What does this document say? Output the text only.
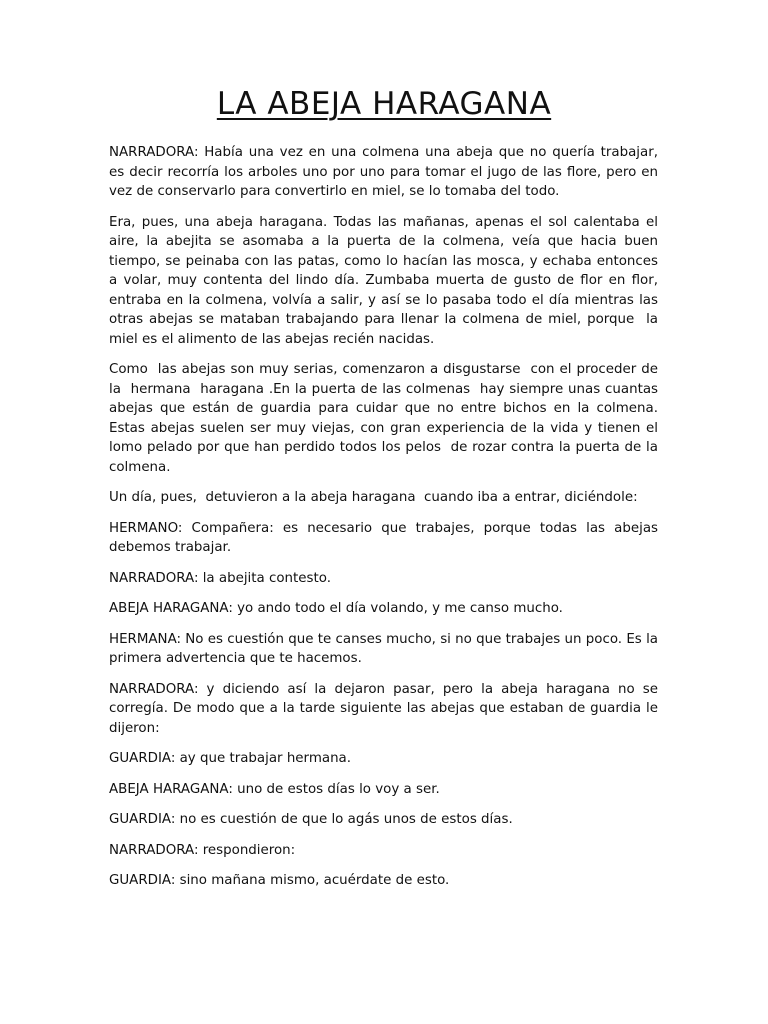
LA ABEJA HARAGANA

NARRADORA: Había una vez en una colmena una abeja que no quería trabajar, es decir recorría los arboles uno por uno para tomar el jugo de las flore, pero en vez de conservarlo para convertirlo en miel, se lo tomaba del todo.

Era, pues, una abeja haragana. Todas las mañanas, apenas el sol calentaba el aire, la abejita se asomaba a la puerta de la colmena, veía que hacia buen tiempo, se peinaba con las patas, como lo hacían las mosca, y echaba entonces a volar, muy contenta del lindo día. Zumbaba muerta de gusto de flor en flor, entraba en la colmena, volvía a salir, y así se lo pasaba todo el día mientras las otras abejas se mataban trabajando para llenar la colmena de miel, porque  la miel es el alimento de las abejas recién nacidas.

Como  las abejas son muy serias, comenzaron a disgustarse  con el proceder de la  hermana  haragana .En la puerta de las colmenas  hay siempre unas cuantas abejas que están de guardia para cuidar que no entre bichos en la colmena. Estas abejas suelen ser muy viejas, con gran experiencia de la vida y tienen el lomo pelado por que han perdido todos los pelos  de rozar contra la puerta de la colmena.

Un día, pues,  detuvieron a la abeja haragana  cuando iba a entrar, diciéndole:

HERMANO: Compañera: es necesario que trabajes, porque todas las abejas debemos trabajar.

NARRADORA: la abejita contesto.

ABEJA HARAGANA: yo ando todo el día volando, y me canso mucho.

HERMANA: No es cuestión que te canses mucho, si no que trabajes un poco. Es la primera advertencia que te hacemos.

NARRADORA: y diciendo así la dejaron pasar, pero la abeja haragana no se corregía. De modo que a la tarde siguiente las abejas que estaban de guardia le dijeron:

GUARDIA: ay que trabajar hermana.

ABEJA HARAGANA: uno de estos días lo voy a ser.

GUARDIA: no es cuestión de que lo agás unos de estos días.

NARRADORA: respondieron:

GUARDIA: sino mañana mismo, acuérdate de esto.
